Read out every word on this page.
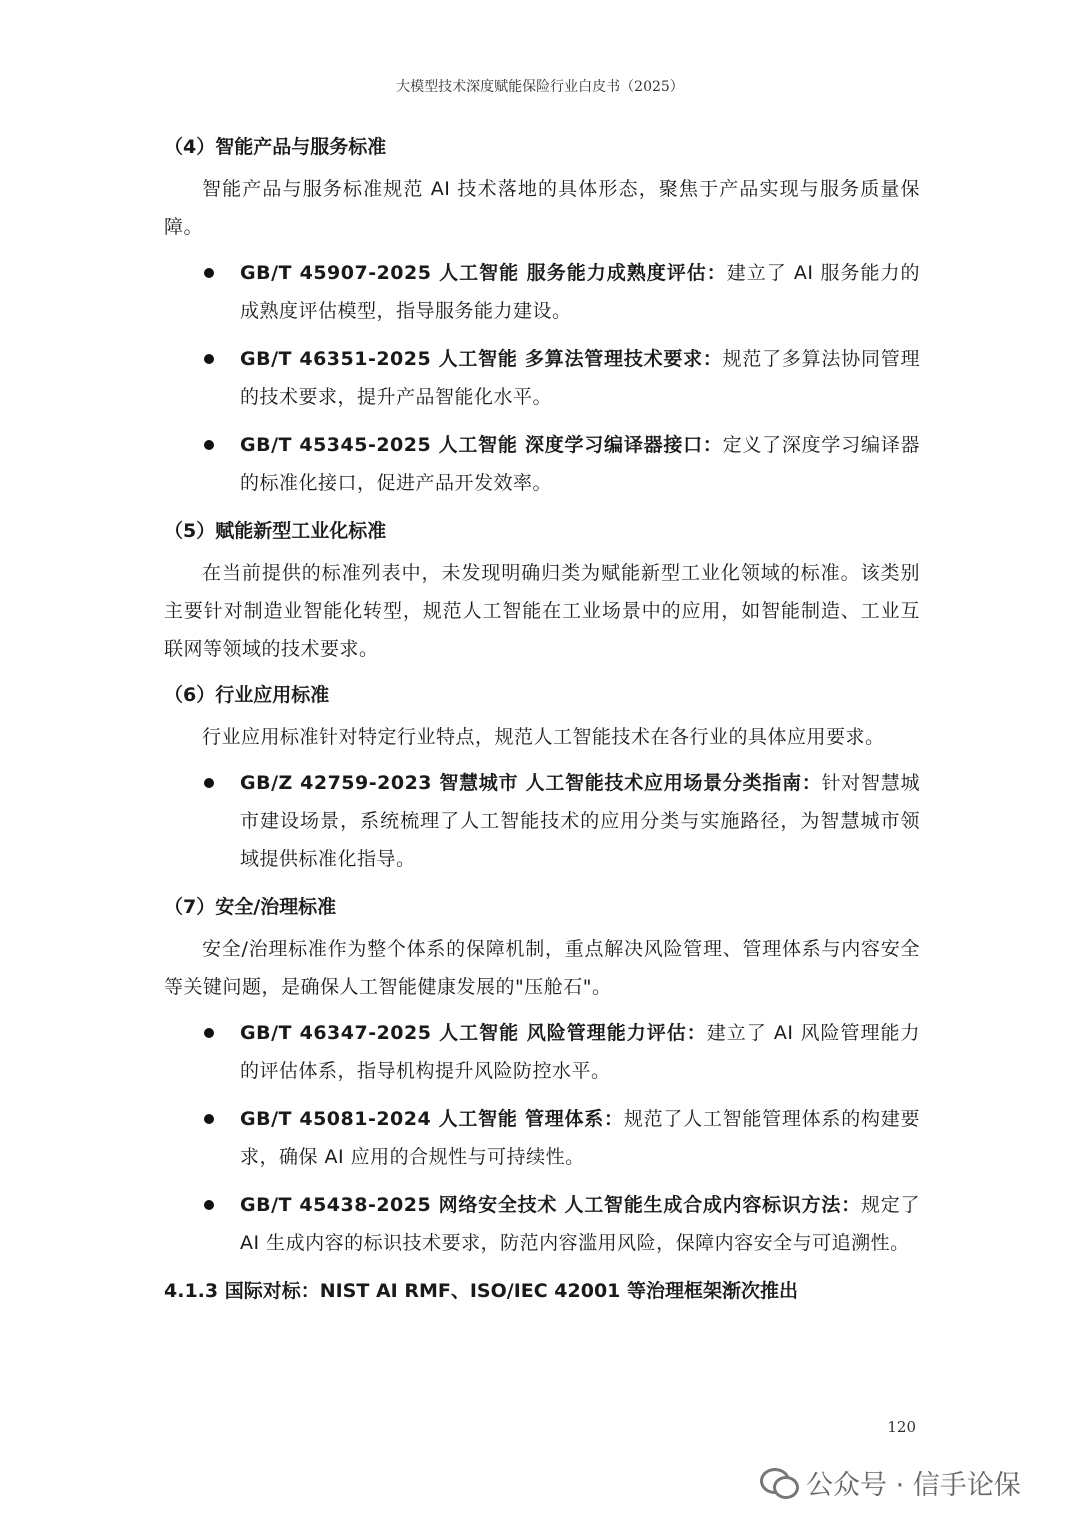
大模型技术深度赋能保险行业白皮书（2025）
（4）智能产品与服务标准

智能产品与服务标准规范 AI 技术落地的具体形态，聚焦于产品实现与服务质量保障。

GB/T 45907-2025 人工智能 服务能力成熟度评估：建立了 AI 服务能力的成熟度评估模型，指导服务能力建设。
GB/T 46351-2025 人工智能 多算法管理技术要求：规范了多算法协同管理的技术要求，提升产品智能化水平。
GB/T 45345-2025 人工智能 深度学习编译器接口：定义了深度学习编译器的标准化接口，促进产品开发效率。
（5）赋能新型工业化标准

在当前提供的标准列表中，未发现明确归类为赋能新型工业化领域的标准。该类别主要针对制造业智能化转型，规范人工智能在工业场景中的应用，如智能制造、工业互联网等领域的技术要求。

（6）行业应用标准

行业应用标准针对特定行业特点，规范人工智能技术在各行业的具体应用要求。

GB/Z 42759-2023 智慧城市 人工智能技术应用场景分类指南：针对智慧城市建设场景，系统梳理了人工智能技术的应用分类与实施路径，为智慧城市领域提供标准化指导。
（7）安全/治理标准

安全/治理标准作为整个体系的保障机制，重点解决风险管理、管理体系与内容安全等关键问题，是确保人工智能健康发展的"压舱石"。

GB/T 46347-2025 人工智能 风险管理能力评估：建立了 AI 风险管理能力的评估体系，指导机构提升风险防控水平。
GB/T 45081-2024 人工智能 管理体系：规范了人工智能管理体系的构建要求，确保 AI 应用的合规性与可持续性。
GB/T 45438-2025 网络安全技术 人工智能生成合成内容标识方法：规定了 AI 生成内容的标识技术要求，防范内容滥用风险，保障内容安全与可追溯性。
4.1.3 国际对标：NIST AI RMF、ISO/IEC 42001 等治理框架渐次推出
120
公众号 · 信手论保
